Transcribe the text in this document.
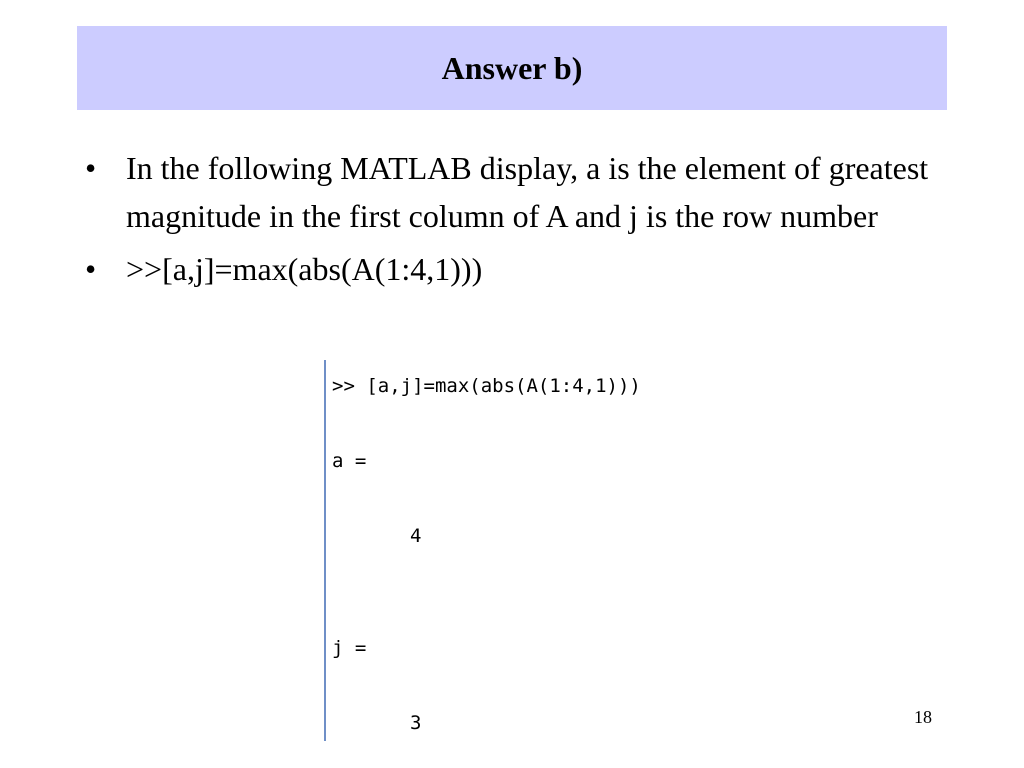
Answer b)
• In the following MATLAB display, a is the element of greatest magnitude in the first column of A and j is the row number
• >>[a,j]=max(abs(A(1:4,1)))
>> [a,j]=max(abs(A(1:4,1)))
a =
4
j =
3	18
